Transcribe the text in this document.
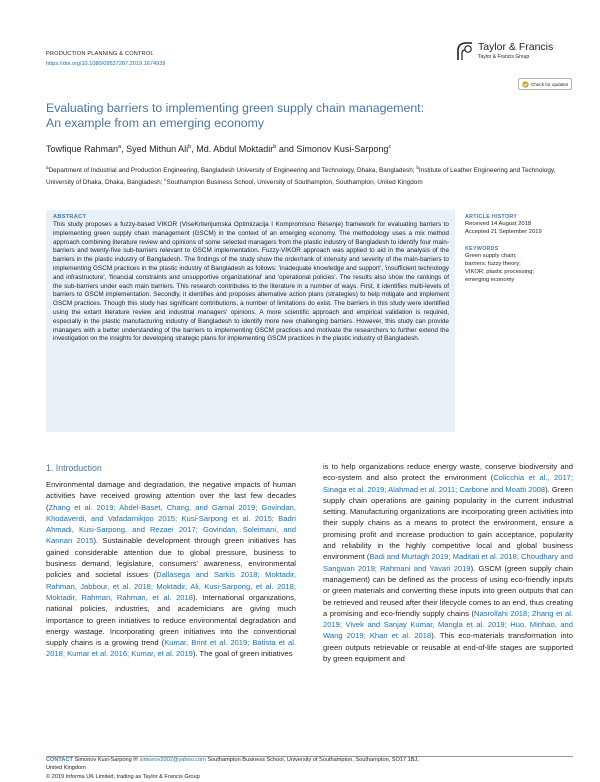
PRODUCTION PLANNING & CONTROL
https://doi.org/10.1080/09537287.2019.1674939
Taylor & Francis
Taylor & Francis Group
Check for updates
Evaluating barriers to implementing green supply chain management:
An example from an emerging economy
Towfique Rahman$^a$, Syed Mithun Ali$^b$, Md. Abdul Moktadir$^b$ and Simonov Kusi-Sarpong$^c$
$^a$Department of Industrial and Production Engineering, Bangladesh University of Engineering and Technology, Dhaka, Bangladesh; $^b$Institute of Leather Engineering and Technology, University of Dhaka, Dhaka, Bangladesh; $^c$Southampton Business School, University of Southampton, Southampton, United Kingdom
ABSTRACT
This study proposes a fuzzy-based VIKOR (VIseKriterijumska Optimizacija I Kompromisno Resenje) framework for evaluating barriers to implementing green supply chain management (GSCM) in the context of an emerging economy. The methodology uses a mix method approach combining literature review and opinions of some selected managers from the plastic industry of Bangladesh to identify four main-barriers and twenty-five sub-barriers relevant to GSCM implementation. Fuzzy-VIKOR approach was applied to aid in the analysis of the barriers in the plastic industry of Bangladesh. The findings of the study show the order/rank of intensity and severity of the main-barriers to implementing GSCM practices in the plastic industry of Bangladesh as follows: 'inadequate knowledge and support', 'insufficient technology and infrastructure', 'financial constraints and unsupportive organizational' and 'operational policies'. The results also show the rankings of the sub-barriers under each main barriers. This research contributes to the literature in a number of ways. First, it identifies multi-levels of barriers to GSCM implementation. Secondly, it identifies and proposes alternative action plans (strategies) to help mitigate and implement GSCM practices. Though this study has significant contributions, a number of limitations do exist. The barriers in this study were identified using the extant literature review and industrial managers' opinions. A more scientific approach and empirical validation is required, especially in the plastic manufacturing industry of Bangladesh to identify more new challenging barriers. However, this study can provide managers with a better understanding of the barriers to implementing GSCM practices and motivate the researchers to further extend the investigation on the insights for developing strategic plans for implementing GSCM practices in the plastic industry of Bangladesh.
ARTICLE HISTORY
Received 14 August 2018
Accepted 21 September 2019
KEYWORDS
Green supply chain;
barriers; fuzzy theory;
VIKOR; plastic processing;
emerging economy
1. Introduction
Environmental damage and degradation, the negative impacts of human activities have received growing attention over the last few decades (Zhang et al. 2019; Abdel-Baset, Chang, and Gamal 2019; Govindan, Khodaverdi, and Vafadarnikjoo 2015; Kusi-Sarpong et al. 2015; Badri Ahmadi, Kusi-Sarpong, and Rezaei 2017; Govindan, Soleimani, and Kannan 2015). Sustainable development through green initiatives has gained considerable attention due to global pressure, business to business demand, legislature, consumers' awareness, environmental policies and societal issues (Dallasega and Sarkis 2018; Moktadir, Rahman, Jabbour, et al. 2018; Moktadir, Ali, Kusi-Sarpong, et al. 2018; Moktadir, Rahman, Rahman, et al. 2018). International organizations, national policies, industries, and academicians are giving much importance to green initiatives to reduce environmental degradation and energy wastage. Incorporating green initiatives into the conventional supply chains is a growing trend (Kumar, Brint et al. 2019; Batista et al. 2018; Kumar et al. 2016; Kumar, et al. 2019). The goal of green initiatives
is to help organizations reduce energy waste, conserve biodiversity and eco-system and also protect the environment (Colicchia et al., 2017; Sinaga et al. 2019; Alahmad et al. 2011; Carbone and Moatti 2008). Green supply chain operations are gaining popularity in the current industrial setting. Manufacturing organizations are incorporating green activities into their supply chains as a means to protect the environment, ensure a promising profit and increase production to gain acceptance, popularity and reliability in the highly competitive local and global business environment (Badi and Murtagh 2019; Maditati et al. 2018; Choudhary and Sangwan 2019; Rahmani and Yavari 2019). GSCM (green supply chain management) can be defined as the process of using eco-friendly inputs or green materials and converting these inputs into green outputs that can be retrieved and reused after their lifecycle comes to an end, thus creating a promising and eco-friendly supply chains (Nasrollahi 2018; Zhang et al. 2019; Vivek and Sanjay Kumar, Mangla et al. 2019; Huo, Minhao, and Wang 2019; Khan et al. 2018). This eco-materials transformation into green outputs retrievable or reusable at end-of-life stages are supported by green equipment and
CONTACT Simonov Kusi-Sarpong ✉ simonov2002@yahoo.com Southampton Business School, University of Southampton, Southampton, SO17 1BJ,
United Kingdom
© 2019 Informa UK Limited, trading as Taylor & Francis Group
